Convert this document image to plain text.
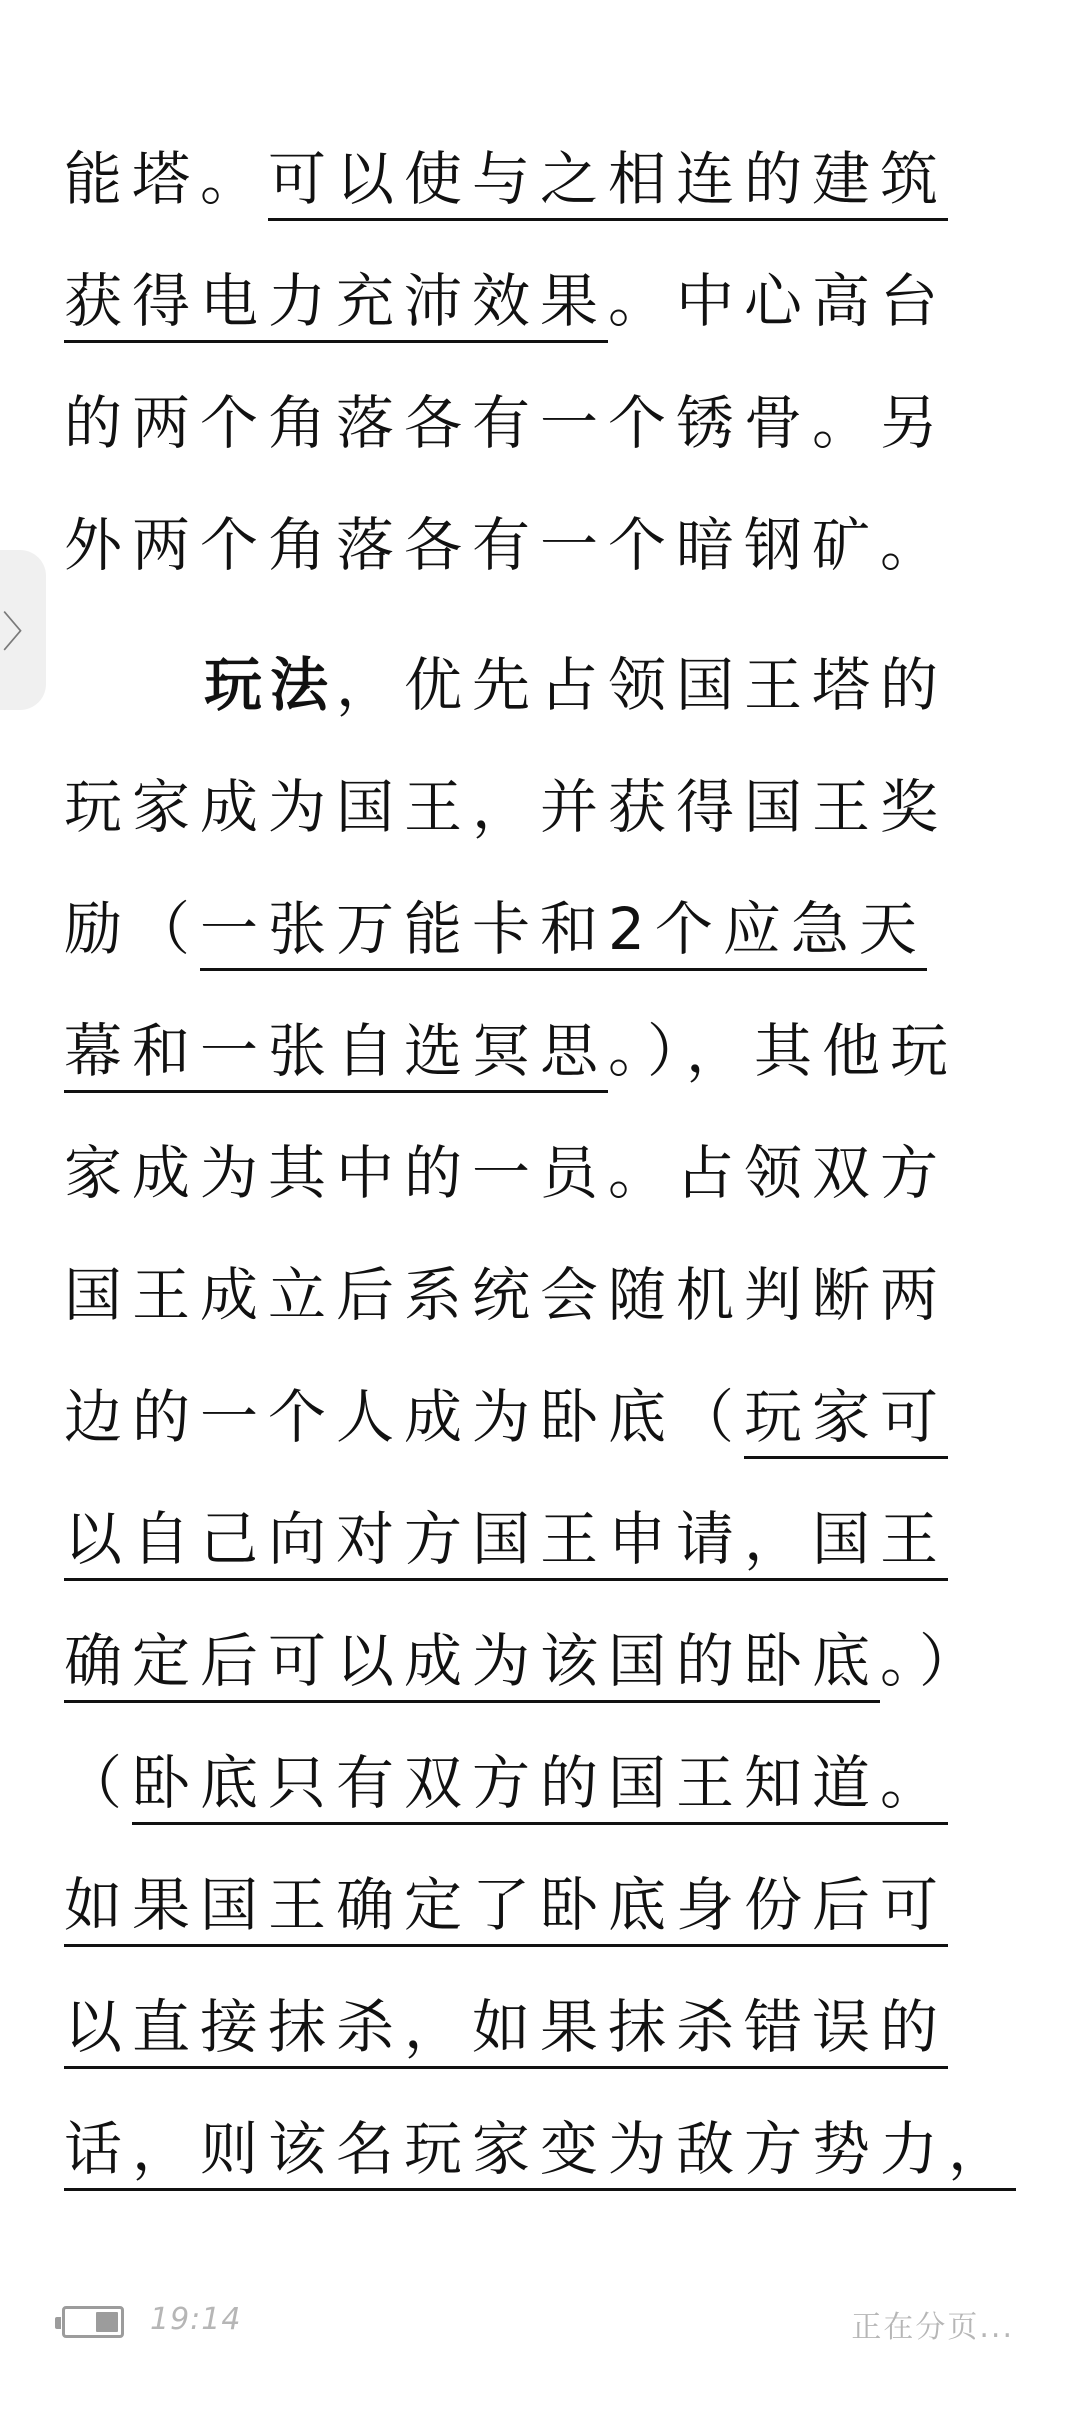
能塔。可以使与之相连的建筑
获得电力充沛效果。中心高台
的两个角落各有一个锈骨。另
外两个角落各有一个暗钢矿。
玩法，优先占领国王塔的
玩家成为国王，并获得国王奖
励（一张万能卡和2个应急天
幕和一张自选冥思。），其他玩
家成为其中的一员。占领双方
国王成立后系统会随机判断两
边的一个人成为卧底（玩家可
以自己向对方国王申请，国王
确定后可以成为该国的卧底。）
（卧底只有双方的国王知道。
如果国王确定了卧底身份后可
以直接抹杀，如果抹杀错误的
话，则该名玩家变为敌方势力，
〉
19:14	正在分页...
